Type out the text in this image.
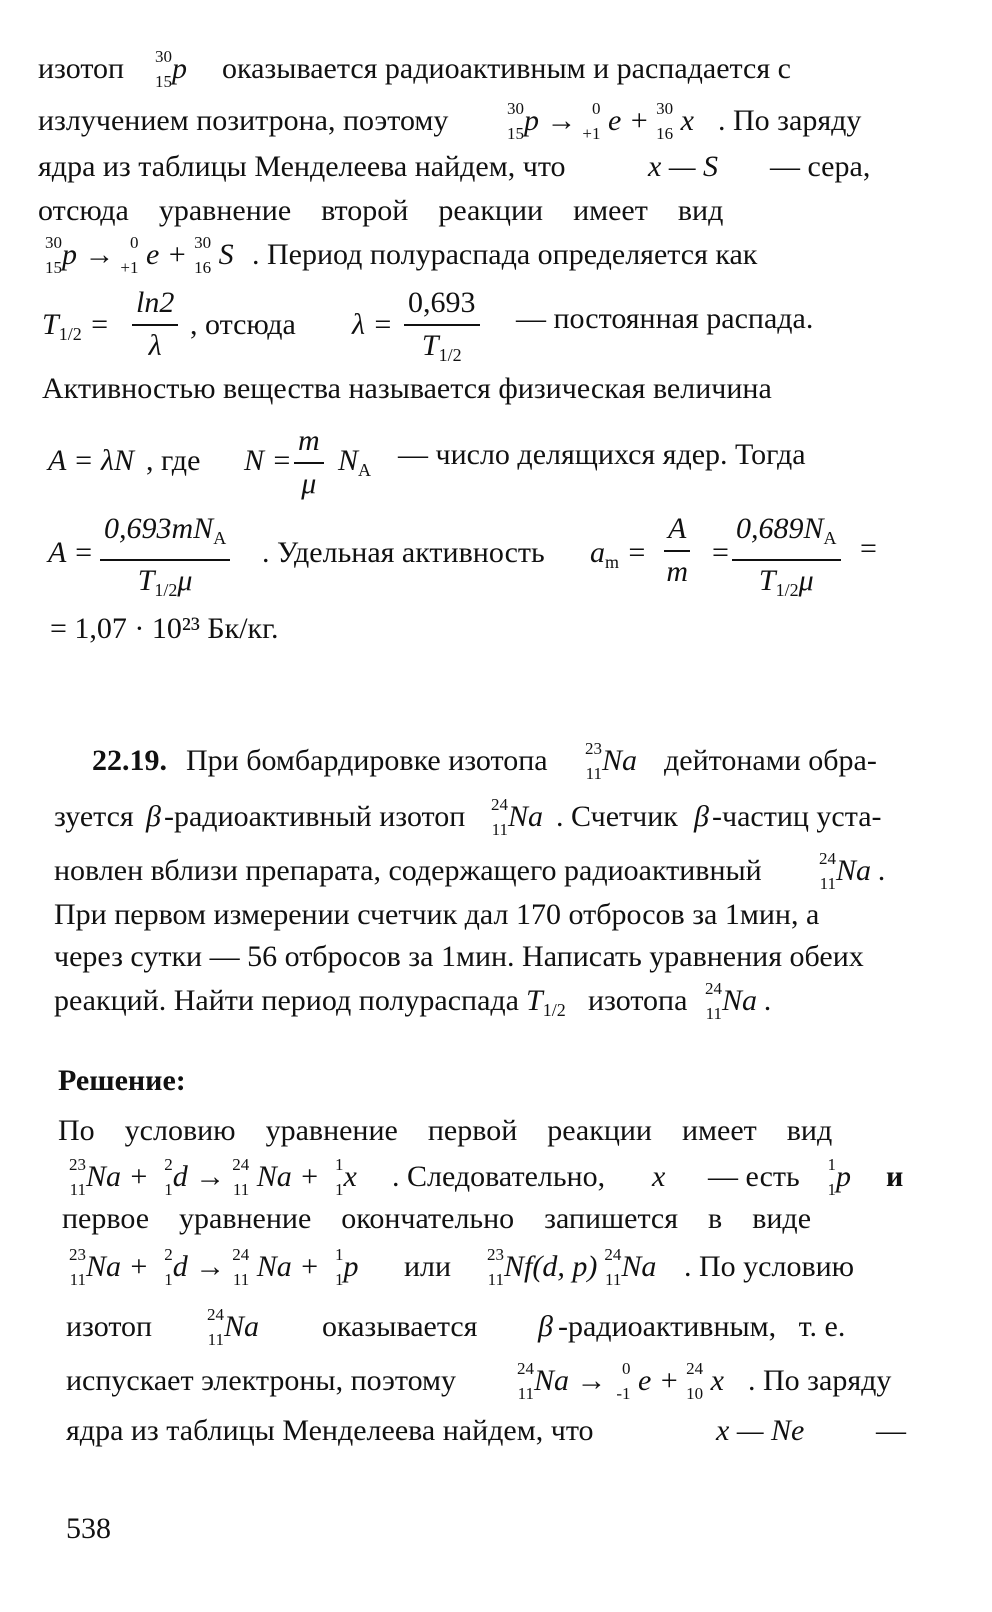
изотоп 30
15 p оказывается радиоактивным и распадается с
излучением позитрона, поэтому	30
15 p → 0
+1 e + 30
16 x . По заряду
ядра из таблицы Менделеева найдем, что	x — S — сера,
отсюда    уравнение    второй    реакции    имеет    вид
30
15 p → 0
+1 e + 30
16 S . Период полураспада определяется как
$T_{1/2} = \frac{\ln 2}{\lambda}$ , отсюда $\lambda = \frac{0,693}{T_{1/2}}$ — постоянная распада.
Активностью вещества называется физическая величина
A = λN , где $N = \frac{m}{\mu} N_A$ — число делящихся ядер. Тогда
A =
$0,693mN_A$
$T_{1/2}\mu$
. Удельная активность $a_m = \frac{A}{m} = \frac{0,689N_A}{T_{1/2}\mu}$ =
= 1,07 · 10²³ Бк/кг.
22.19. При бомбардировке изотопа 23
11 Na дейтонами обра-
зуется β -радиоактивный изотоп 24
11 Na . Счетчик β -частиц уста-
новлен вблизи препарата, содержащего радиоактивный	24
11 Na .
При первом измерении счетчик дал 170 отбросов за 1мин, а
через сутки — 56 отбросов за 1мин. Написать уравнения обеих
реакций. Найти период полураспада $T_{1/2}$ изотопа 24
11 Na .
Решение:
По    условию    уравнение    первой    реакции    имеет    вид
23
11 Na + 2
1 d → 24
11 Na + 1
1 x . Следовательно, x — есть 1
1 p и
первое    уравнение    окончательно    запишется    в    виде
23
11 Na + 2
1 d → 24
11 Na + 1
1 p или 23
11 Nf(d, p) 24
11 Na . По условию
изотоп	24
11 Na оказывается β -радиоактивным,   т. е.
испускает электроны, поэтому	24
11 Na → 0
-1 e + 24
10 x . По заряду
ядра из таблицы Менделеева найдем, что	x — Ne —
538
